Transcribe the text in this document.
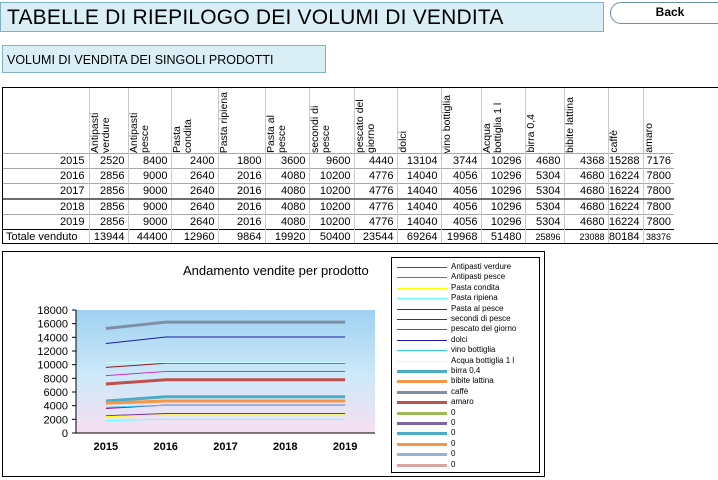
TABELLE DI RIEPILOGO DEI VOLUMI DI VENDITA	Back
VOLUMI DI VENDITA DEI SINGOLI PRODOTTI

	Antipasti verdure	Antipasti pesce	Pasta condita	Pasta ripiena	Pasta al pesce	secondi di pesce	pescato del giorno	dolci	vino bottiglia	Acqua bottiglia 1 l	birra 0,4	bibite lattina	caffè	amaro

2015	2520	8400	2400	1800	3600	9600	4440	13104	3744	10296	4680	4368	15288	7176
2016	2856	9000	2640	2016	4080	10200	4776	14040	4056	10296	5304	4680	16224	7800
2017	2856	9000	2640	2016	4080	10200	4776	14040	4056	10296	5304	4680	16224	7800
2018	2856	9000	2640	2016	4080	10200	4776	14040	4056	10296	5304	4680	16224	7800
2019	2856	9000	2640	2016	4080	10200	4776	14040	4056	10296	5304	4680	16224	7800
Totale venduto	13944	44400	12960	9864	19920	50400	23544	69264	19968	51480	25896	23088	80184	38376
Andamento vendite per prodotto
0
2000
4000
6000
8000
10000
12000
14000
16000
18000
2015	2016	2017	2018	2019
Antipasti verdure
Antipasti pesce
Pasta condita
Pasta ripiena
Pasta al pesce
secondi di pesce
pescato del giorno
dolci
vino bottiglia
Acqua bottiglia 1 l
birra 0,4
bibite lattina
caffè
amaro
0
0
0
0
0
0
